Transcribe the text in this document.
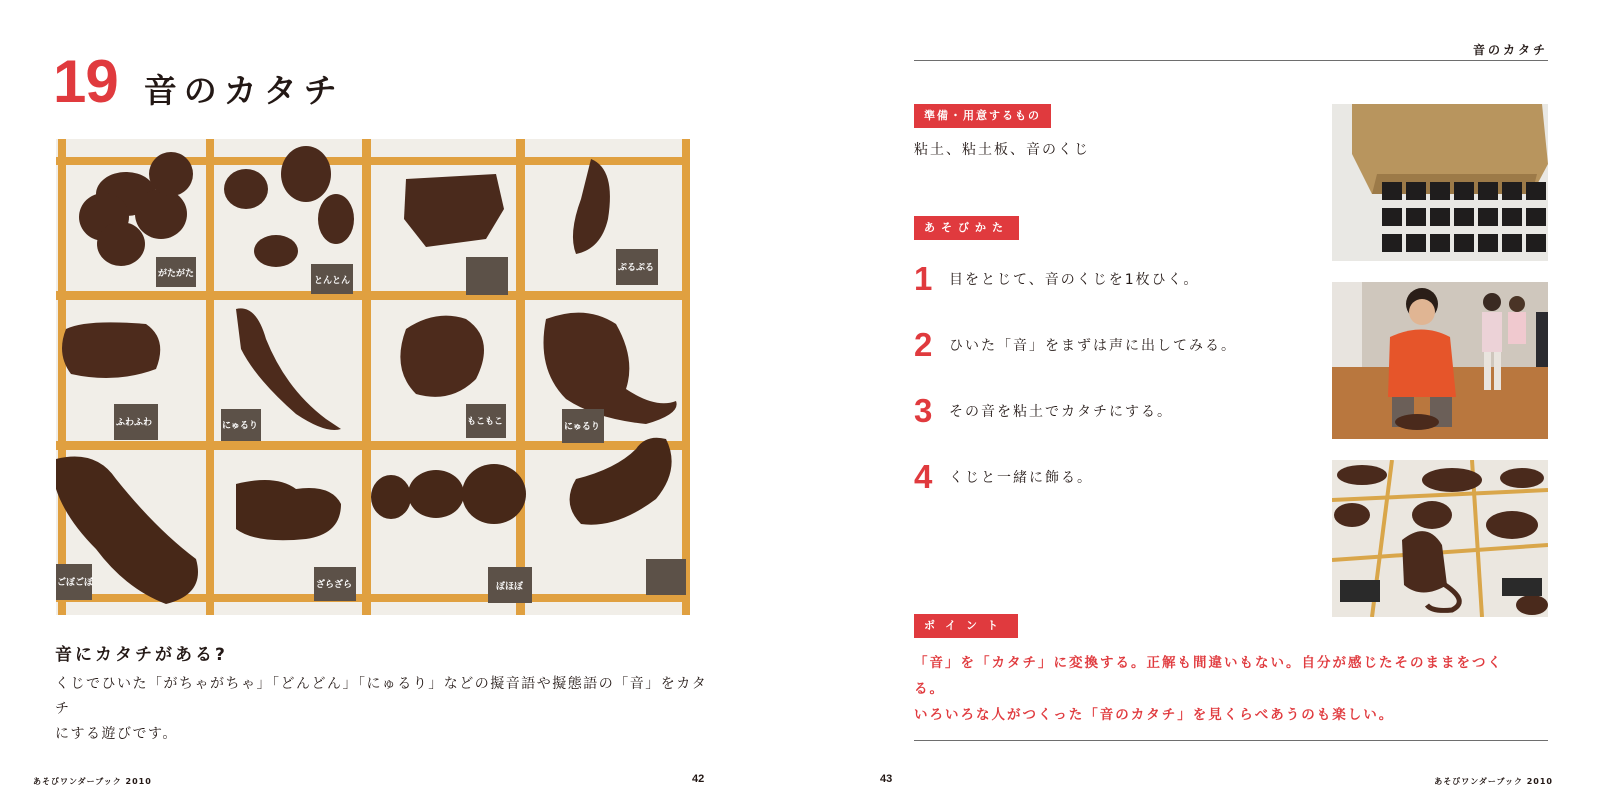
19 音のカタチ
がたがた
とんとん
ぷるぷる
ふわふわ	にゅるり	もこもこ	にゅるり
ごぼごぼ	ざらざら	ぼほぼ
音にカタチがある?
くじでひいた「がちゃがちゃ」「どんどん」「にゅるり」などの擬音語や擬態語の「音」をカタチ
にする遊びです。
あそびワンダーブック 2010	42
音のカタチ
準備・用意するもの
粘土、粘土板、音のくじ
あそびかた
1	目をとじて、音のくじを1枚ひく。
2	ひいた「音」をまずは声に出してみる。
3	その音を粘土でカタチにする。
4	くじと一緒に飾る。
ポイント
「音」を「カタチ」に変換する。正解も間違いもない。自分が感じたそのままをつくる。
いろいろな人がつくった「音のカタチ」を見くらべあうのも楽しい。
43	あそびワンダーブック 2010
